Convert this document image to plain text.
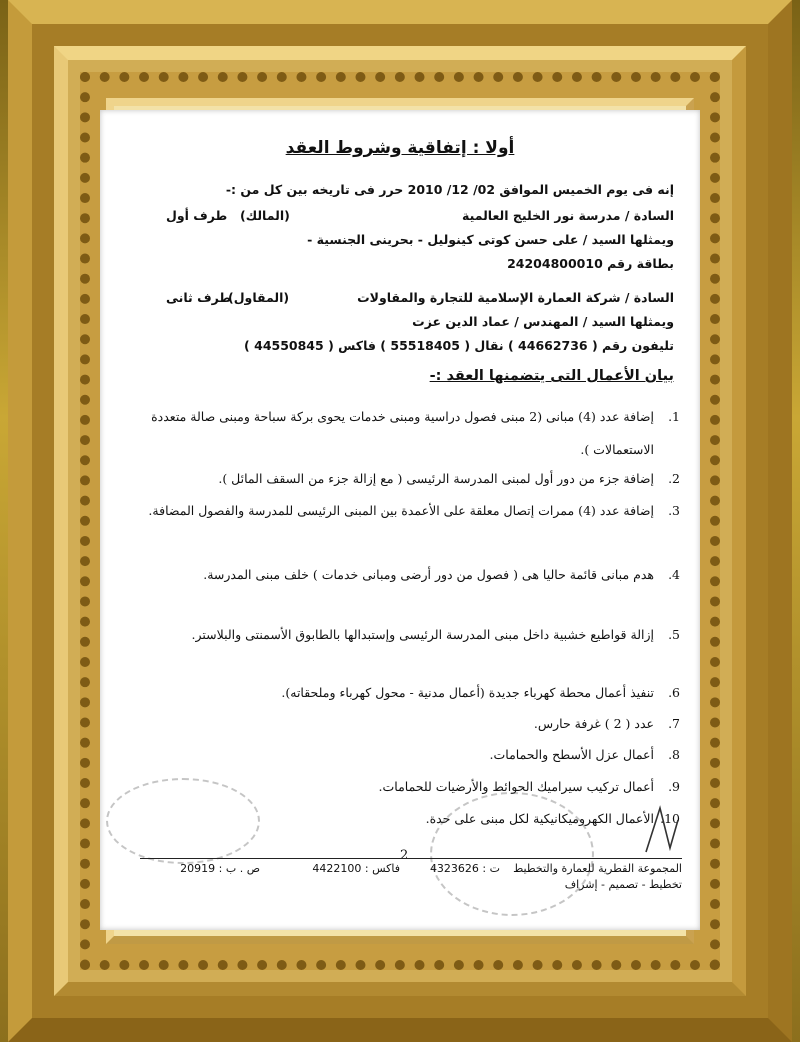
أولا : إتفاقية وشروط العقد
إنه فى يوم الخميس الموافق 02/ 12/ 2010 حرر فى تاريخه بين كل من :-
السادة / مدرسة نور الخليج العالمية
(المالك)
طرف أول
ويمثلها السيد / على حسن كوتى كينوليل - بحرينى الجنسية -
بطاقة رقم 24204800010
السادة / شركة العمارة الإسلامية للتجارة والمقاولات
(المقاول)
طرف ثانى
ويمثلها السيد / المهندس / عماد الدين عزت
تليفون رقم ( 44662736 ) نقال ( 55518405 ) فاكس ( 44550845 )
بيان الأعمال التى يتضمنها العقد :-
1.
إضافة عدد (4) مبانى (2 مبنى فصول دراسية ومبنى خدمات يحوى بركة سباحة ومبنى صالة متعددة الاستعمالات ).
2.
إضافة جزء من دور أول لمبنى المدرسة الرئيسى ( مع إزالة جزء من السقف المائل ).
3.
إضافة عدد (4) ممرات إتصال معلقة على الأعمدة بين المبنى الرئيسى للمدرسة والفصول المضافة.
4.
هدم مبانى قائمة حاليا هى ( فصول من دور أرضى ومبانى خدمات ) خلف مبنى المدرسة.
5.
إزالة قواطيع خشبية داخل مبنى المدرسة الرئيسى وإستبدالها بالطابوق الأسمنتى والبلاستر.
6.
تنفيذ أعمال محطة كهرباء جديدة (أعمال مدنية - محول كهرباء وملحقاته).
7.
عدد ( 2 ) غرفة حارس.
8.
أعمال عزل الأسطح والحمامات.
9.
أعمال تركيب سيراميك الحوائط والأرضيات للحمامات.
10.
الأعمال الكهروميكانيكية لكل مبنى على حدة.
2
المجموعة القطرية للعمارة والتخطيط
ت : 4323626
فاكس : 4422100
ص . ب : 20919
تخطيط - تصميم - إشراف
